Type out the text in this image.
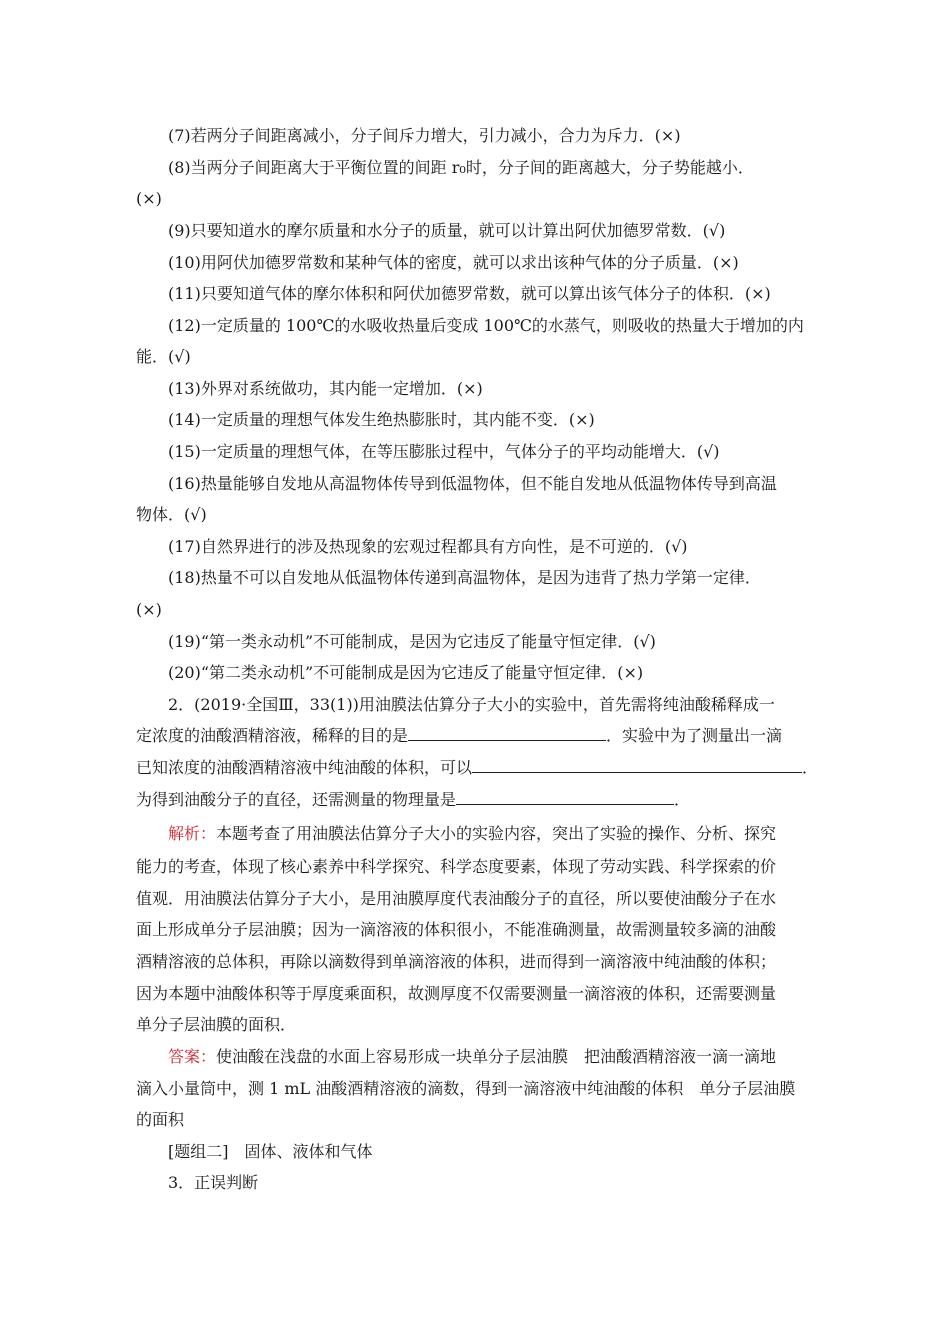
(7)若两分子间距离减小，分子间斥力增大，引力减小，合力为斥力．(×)
(8)当两分子间距离大于平衡位置的间距 r₀时，分子间的距离越大，分子势能越小．
(×)
(9)只要知道水的摩尔质量和水分子的质量，就可以计算出阿伏加德罗常数．(√)
(10)用阿伏加德罗常数和某种气体的密度，就可以求出该种气体的分子质量．(×)
(11)只要知道气体的摩尔体积和阿伏加德罗常数，就可以算出该气体分子的体积．(×)
(12)一定质量的 100℃的水吸收热量后变成 100℃的水蒸气，则吸收的热量大于增加的内
能．(√)
(13)外界对系统做功，其内能一定增加．(×)
(14)一定质量的理想气体发生绝热膨胀时，其内能不变．(×)
(15)一定质量的理想气体，在等压膨胀过程中，气体分子的平均动能增大．(√)
(16)热量能够自发地从高温物体传导到低温物体，但不能自发地从低温物体传导到高温
物体．(√)
(17)自然界进行的涉及热现象的宏观过程都具有方向性，是不可逆的．(√)
(18)热量不可以自发地从低温物体传递到高温物体，是因为违背了热力学第一定律．
(×)
(19)“第一类永动机”不可能制成，是因为它违反了能量守恒定律．(√)
(20)“第二类永动机”不可能制成是因为它违反了能量守恒定律．(×)
2．(2019·全国Ⅲ，33(1))用油膜法估算分子大小的实验中，首先需将纯油酸稀释成一
定浓度的油酸酒精溶液，稀释的目的是	．实验中为了测量出一滴
已知浓度的油酸酒精溶液中纯油酸的体积，可以	．
为得到油酸分子的直径，还需测量的物理量是	．
解析：本题考查了用油膜法估算分子大小的实验内容，突出了实验的操作、分析、探究
能力的考查，体现了核心素养中科学探究、科学态度要素，体现了劳动实践、科学探索的价
值观．用油膜法估算分子大小，是用油膜厚度代表油酸分子的直径，所以要使油酸分子在水
面上形成单分子层油膜；因为一滴溶液的体积很小，不能准确测量，故需测量较多滴的油酸
酒精溶液的总体积，再除以滴数得到单滴溶液的体积，进而得到一滴溶液中纯油酸的体积；
因为本题中油酸体积等于厚度乘面积，故测厚度不仅需要测量一滴溶液的体积，还需要测量
单分子层油膜的面积．
答案：使油酸在浅盘的水面上容易形成一块单分子层油膜　把油酸酒精溶液一滴一滴地
滴入小量筒中，测 1 mL 油酸酒精溶液的滴数，得到一滴溶液中纯油酸的体积　单分子层油膜
的面积
[题组二]　固体、液体和气体
3．正误判断
